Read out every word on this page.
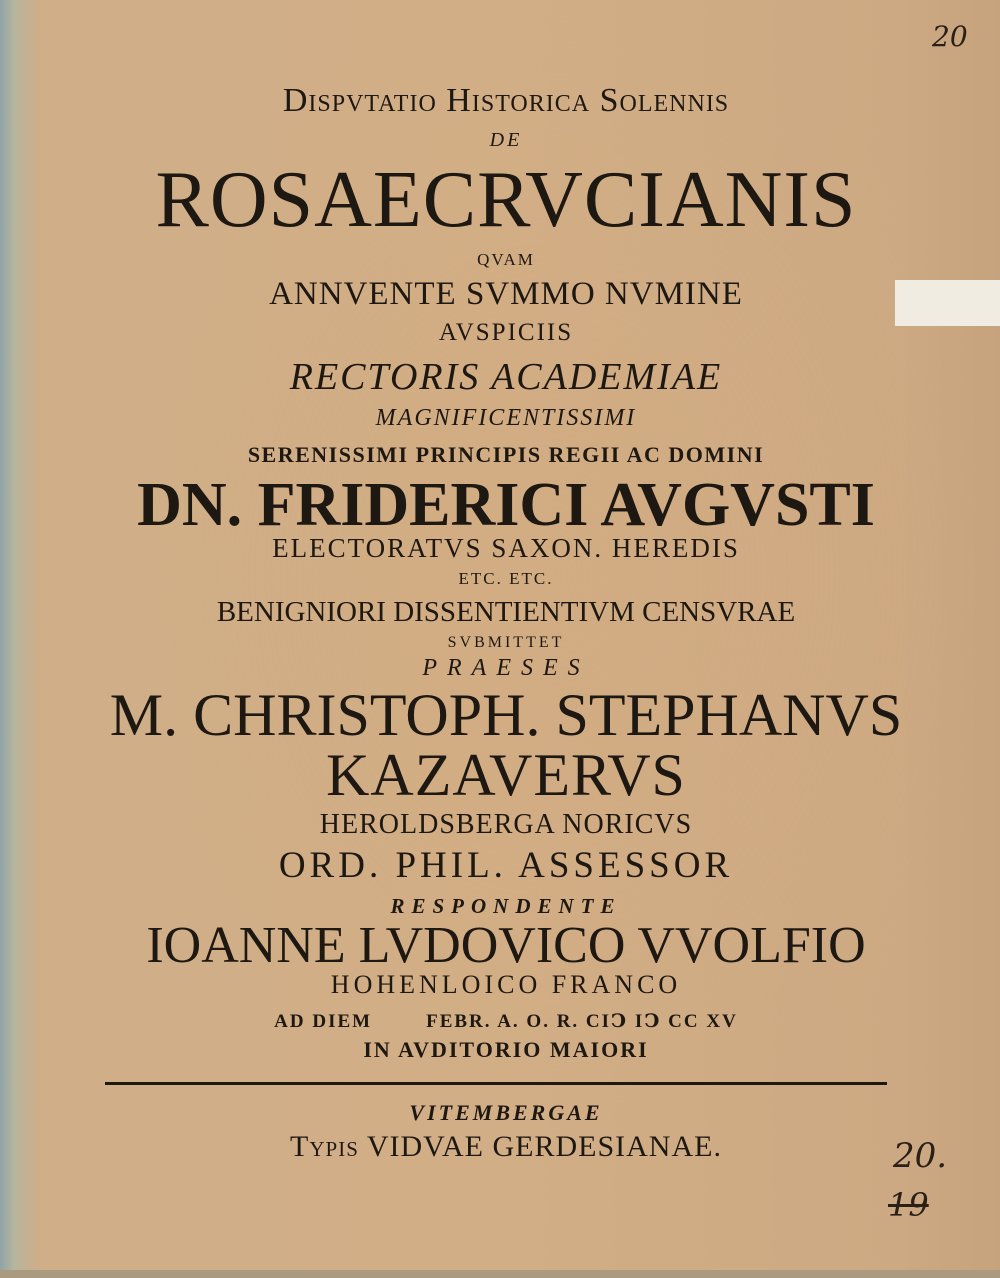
20
Dispvtatio Historica Solennis
DE
ROSAECRVCIANIS
QVAM
ANNVENTE SVMMO NVMINE
AVSPICIIS
RECTORIS ACADEMIAE
MAGNIFICENTISSIMI
SERENISSIMI PRINCIPIS REGII AC DOMINI
DN. FRIDERICI AVGVSTI
ELECTORATVS SAXON. HEREDIS
ETC. ETC.
BENIGNIORI DISSENTIENTIVM CENSVRAE
SVBMITTET
PRAESES
M. CHRISTOPH. STEPHANVS
KAZAVERVS
HEROLDSBERGA NORICVS
ORD. PHIL. ASSESSOR
RESPONDENTE
IOANNE LVDOVICO VVOLFIO
HOHENLOICO FRANCO
AD DIEM        FEBR. A. O. R. CIↃ IↃ CC XV
IN AVDITORIO MAIORI
VITEMBERGAE
Typis VIDVAE GERDESIANAE.	20.
19
